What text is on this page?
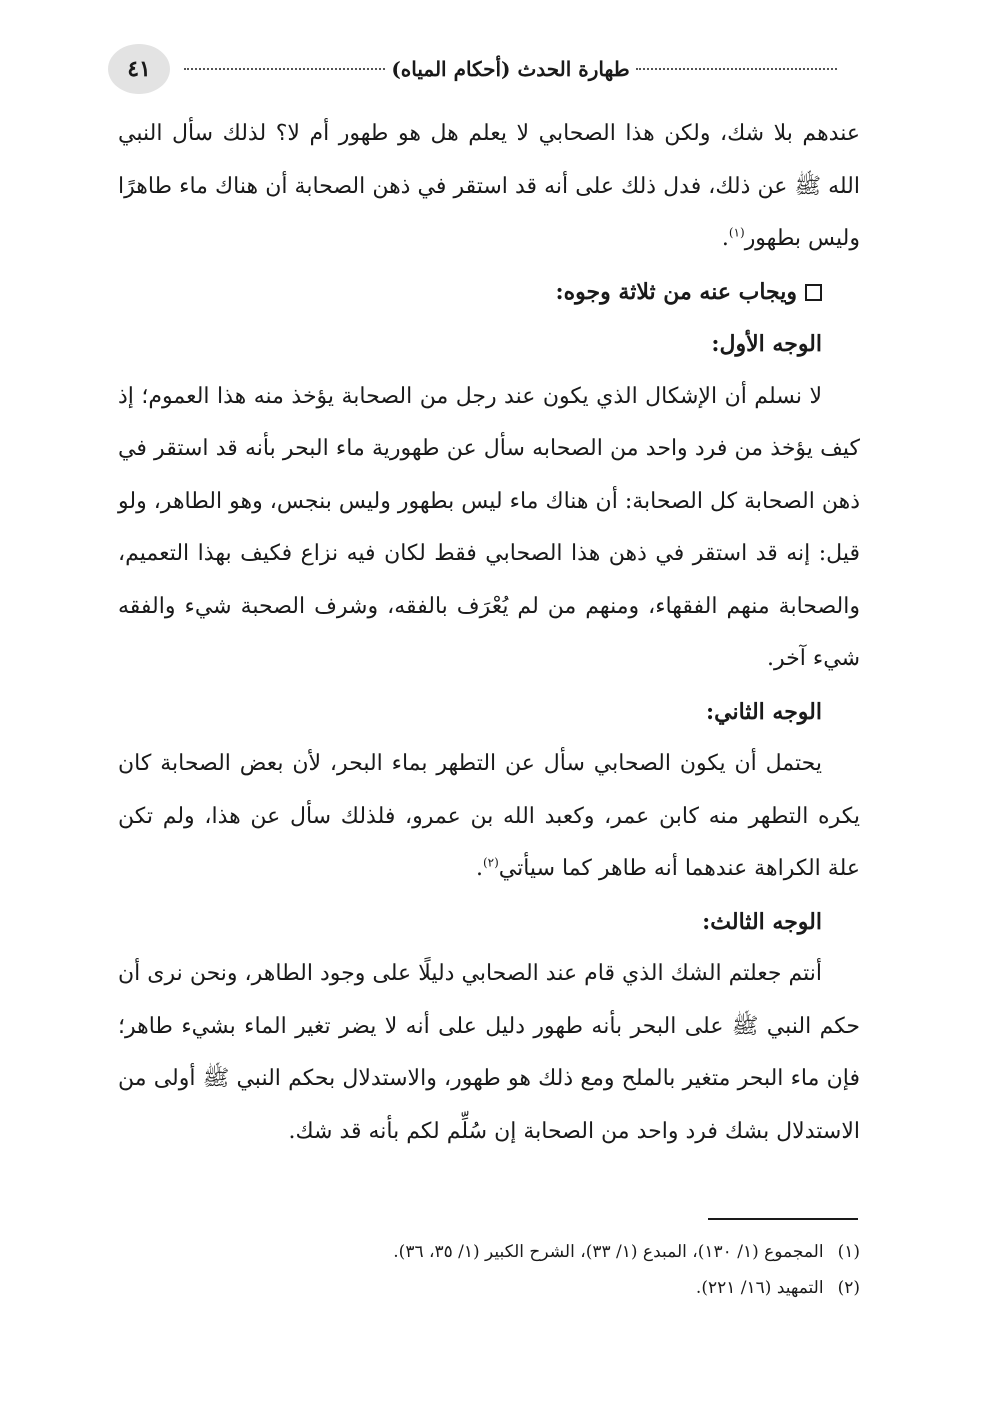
٤١	طهارة الحدث (أحكام المياه)

عندهم بلا شك، ولكن هذا الصحابي لا يعلم هل هو طهور أم لا؟ لذلك سأل النبي الله ﷺ عن ذلك، فدل ذلك على أنه قد استقر في ذهن الصحابة أن هناك ماء طاهرًا وليس بطهور$^{(١)}$.

ويجاب عنه من ثلاثة وجوه:

الوجه الأول:

لا نسلم أن الإشكال الذي يكون عند رجل من الصحابة يؤخذ منه هذا العموم؛ إذ كيف يؤخذ من فرد واحد من الصحابه سأل عن طهورية ماء البحر بأنه قد استقر في ذهن الصحابة كل الصحابة: أن هناك ماء ليس بطهور وليس بنجس، وهو الطاهر، ولو قيل: إنه قد استقر في ذهن هذا الصحابي فقط لكان فيه نزاع فكيف بهذا التعميم، والصحابة منهم الفقهاء، ومنهم من لم يُعْرَف بالفقه، وشرف الصحبة شيء والفقه شيء آخر.

الوجه الثاني:

يحتمل أن يكون الصحابي سأل عن التطهر بماء البحر، لأن بعض الصحابة كان يكره التطهر منه كابن عمر، وكعبد الله بن عمرو، فلذلك سأل عن هذا، ولم تكن علة الكراهة عندهما أنه طاهر كما سيأتي$^{(٢)}$.

الوجه الثالث:

أنتم جعلتم الشك الذي قام عند الصحابي دليلًا على وجود الطاهر، ونحن نرى أن حكم النبي ﷺ على البحر بأنه طهور دليل على أنه لا يضر تغير الماء بشيء طاهر؛ فإن ماء البحر متغير بالملح ومع ذلك هو طهور، والاستدلال بحكم النبي ﷺ أولى من الاستدلال بشك فرد واحد من الصحابة إن سُلِّم لكم بأنه قد شك.

(١)المجموع (١/ ١٣٠)، المبدع (١/ ٣٣)، الشرح الكبير (١/ ٣٥، ٣٦).

(٢)التمهيد (١٦/ ٢٢١).
